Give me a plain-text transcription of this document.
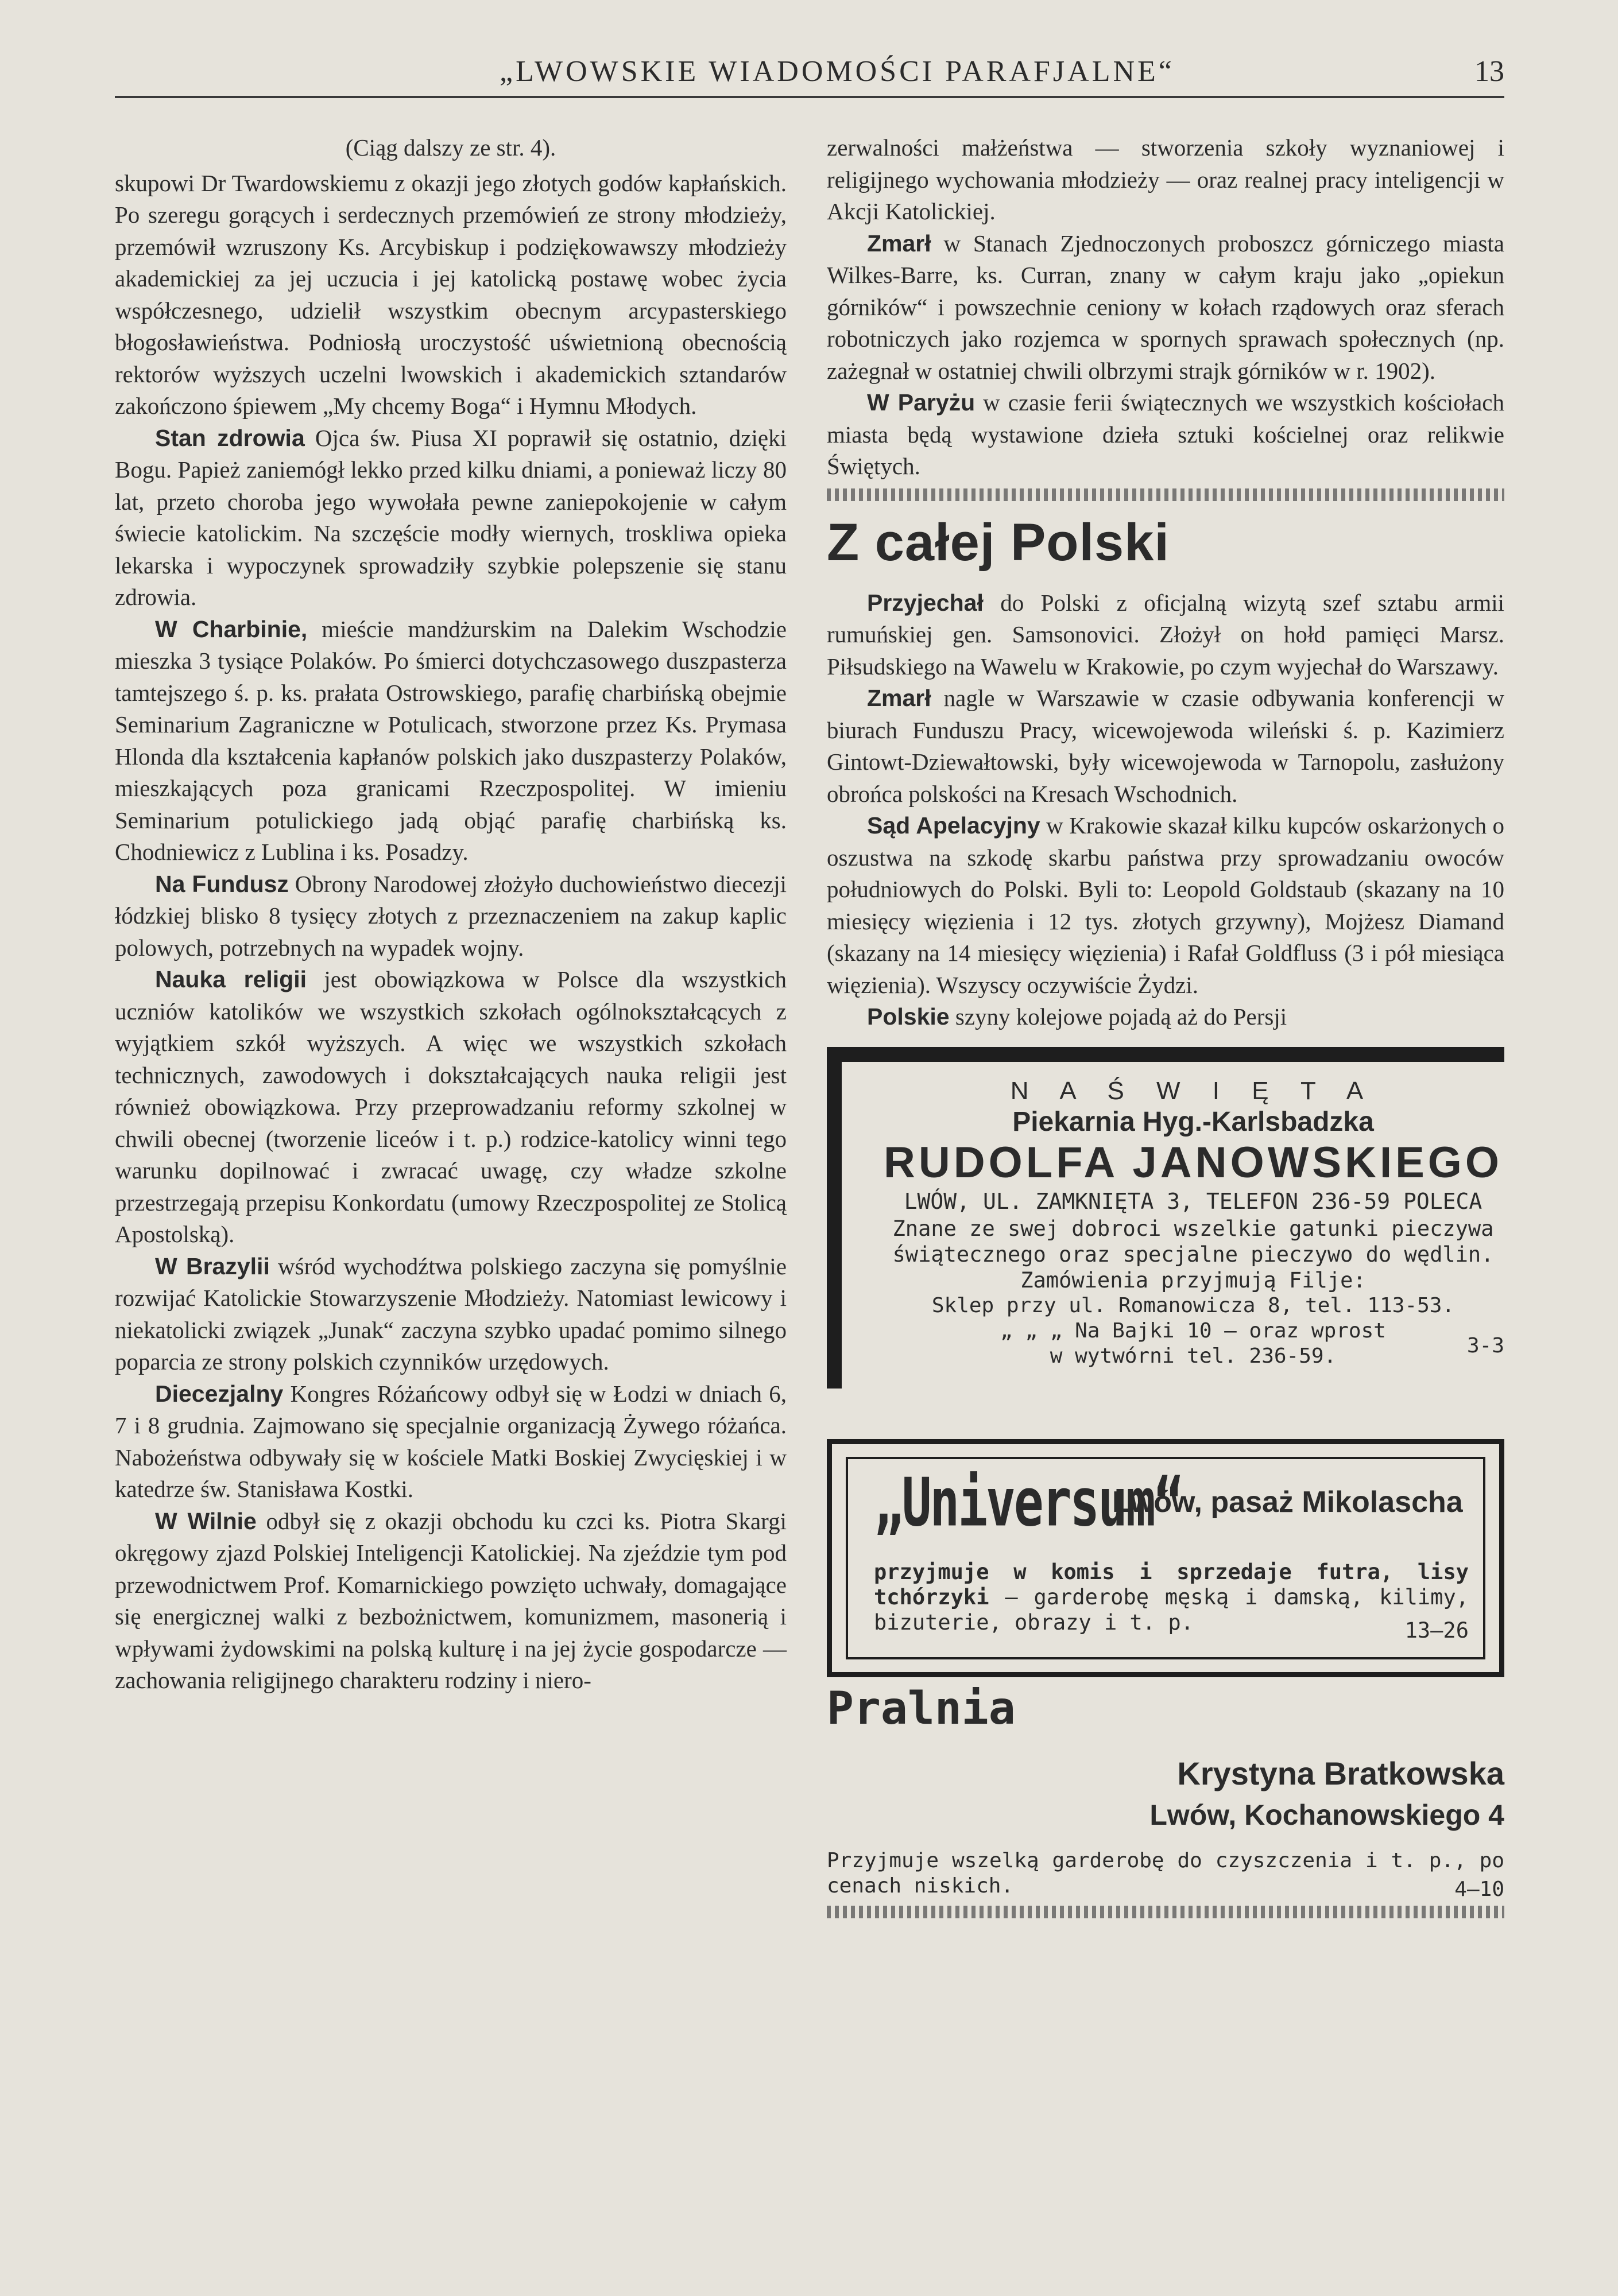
„LWOWSKIE WIADOMOŚCI PARAFJALNE“	13

(Ciąg dalszy ze str. 4).

skupowi Dr Twardowskiemu z okazji jego złotych godów kapłańskich. Po szeregu gorących i serdecznych przemówień ze strony młodzieży, przemówił wzruszony Ks. Arcybiskup i podziękowawszy młodzieży akademickiej za jej uczucia i jej katolicką postawę wobec życia współczesnego, udzielił wszystkim obecnym arcypasterskiego błogosławieństwa. Podniosłą uroczystość uświetnioną obecnością rektorów wyższych uczelni lwowskich i akademickich sztandarów zakończono śpiewem „My chcemy Boga“ i Hymnu Młodych.

Stan zdrowia Ojca św. Piusa XI poprawił się ostatnio, dzięki Bogu. Papież zaniemógł lekko przed kilku dniami, a ponieważ liczy 80 lat, przeto choroba jego wywołała pewne zaniepokojenie w całym świecie katolickim. Na szczęście modły wiernych, troskliwa opieka lekarska i wypoczynek sprowadziły szybkie polepszenie się stanu zdrowia.

W Charbinie, mieście mandżurskim na Dalekim Wschodzie mieszka 3 tysiące Polaków. Po śmierci dotychczasowego duszpasterza tamtejszego ś. p. ks. prałata Ostrowskiego, parafię charbińską obejmie Seminarium Zagraniczne w Potulicach, stworzone przez Ks. Prymasa Hlonda dla kształcenia kapłanów polskich jako duszpasterzy Polaków, mieszkających poza granicami Rzeczpospolitej. W imieniu Seminarium potulickiego jadą objąć parafię charbińską ks. Chodniewicz z Lublina i ks. Posadzy.

Na Fundusz Obrony Narodowej złożyło duchowieństwo diecezji łódzkiej blisko 8 tysięcy złotych z przeznaczeniem na zakup kaplic polowych, potrzebnych na wypadek wojny.

Nauka religii jest obowiązkowa w Polsce dla wszystkich uczniów katolików we wszystkich szkołach ogólnokształcących z wyjątkiem szkół wyższych. A więc we wszystkich szkołach technicznych, zawodowych i dokształcających nauka religii jest również obowiązkowa. Przy przeprowadzaniu reformy szkolnej w chwili obecnej (tworzenie liceów i t. p.) rodzice-katolicy winni tego warunku dopilnować i zwracać uwagę, czy władze szkolne przestrzegają przepisu Konkordatu (umowy Rzeczpospolitej ze Stolicą Apostolską).

W Brazylii wśród wychodźtwa polskiego zaczyna się pomyślnie rozwijać Katolickie Stowarzyszenie Młodzieży. Natomiast lewicowy i niekatolicki związek „Junak“ zaczyna szybko upadać pomimo silnego poparcia ze strony polskich czynników urzędowych.

Diecezjalny Kongres Różańcowy odbył się w Łodzi w dniach 6, 7 i 8 grudnia. Zajmowano się specjalnie organizacją Żywego różańca. Nabożeństwa odbywały się w kościele Matki Boskiej Zwycięskiej i w katedrze św. Stanisława Kostki.

W Wilnie odbył się z okazji obchodu ku czci ks. Piotra Skargi okręgowy zjazd Polskiej Inteligencji Katolickiej. Na zjeździe tym pod przewodnictwem Prof. Komarnickiego powzięto uchwały, domagające się energicznej walki z bezbożnictwem, komunizmem, masonerią i wpływami żydowskimi na polską kulturę i na jej życie gospodarcze — zachowania religijnego charakteru rodziny i niero-

zerwalności małżeństwa — stworzenia szkoły wyznaniowej i religijnego wychowania młodzieży — oraz realnej pracy inteligencji w Akcji Katolickiej.

Zmarł w Stanach Zjednoczonych proboszcz górniczego miasta Wilkes-Barre, ks. Curran, znany w całym kraju jako „opiekun górników“ i powszechnie ceniony w kołach rządowych oraz sferach robotniczych jako rozjemca w spornych sprawach społecznych (np. zażegnał w ostatniej chwili olbrzymi strajk górników w r. 1902).

W Paryżu w czasie ferii świątecznych we wszystkich kościołach miasta będą wystawione dzieła sztuki kościelnej oraz relikwie Świętych.

Z całej Polski

Przyjechał do Polski z oficjalną wizytą szef sztabu armii rumuńskiej gen. Samsonovici. Złożył on hołd pamięci Marsz. Piłsudskiego na Wawelu w Krakowie, po czym wyjechał do Warszawy.

Zmarł nagle w Warszawie w czasie odbywania konferencji w biurach Funduszu Pracy, wicewojewoda wileński ś. p. Kazimierz Gintowt-Dziewałtowski, były wicewojewoda w Tarnopolu, zasłużony obrońca polskości na Kresach Wschodnich.

Sąd Apelacyjny w Krakowie skazał kilku kupców oskarżonych o oszustwa na szkodę skarbu państwa przy sprowadzaniu owoców południowych do Polski. Byli to: Leopold Goldstaub (skazany na 10 miesięcy więzienia i 12 tys. złotych grzywny), Mojżesz Diamand (skazany na 14 miesięcy więzienia) i Rafał Goldfluss (3 i pół miesiąca więzienia). Wszyscy oczywiście Żydzi.

Polskie szyny kolejowe pojadą aż do Persji

N A Ś W I Ę T A
Piekarnia Hyg.-Karlsbadzka
RUDOLFA JANOWSKIEGO
LWÓW, UL. ZAMKNIĘTA 3, TELEFON 236-59 POLECA
Znane ze swej dobroci wszelkie gatunki pieczywa
świątecznego oraz specjalne pieczywo do wędlin.
Zamówienia przyjmują Filje:
Sklep przy ul. Romanowicza 8, tel. 113-53.
„ „ „ Na Bajki 10 — oraz wprost
w wytwórni tel. 236-59.	3-3
„Universum“
Lwów, pasaż Mikolascha
przyjmuje w komis i sprzedaje futra, lisy tchórzyki — garderobę męską i damską, kilimy, bizuterie, obrazy i t. p.	13—26
Pralnia
Krystyna Bratkowska
Lwów, Kochanowskiego 4
Przyjmuje wszelką garderobę do czyszczenia i t. p., po cenach niskich.	4—10
